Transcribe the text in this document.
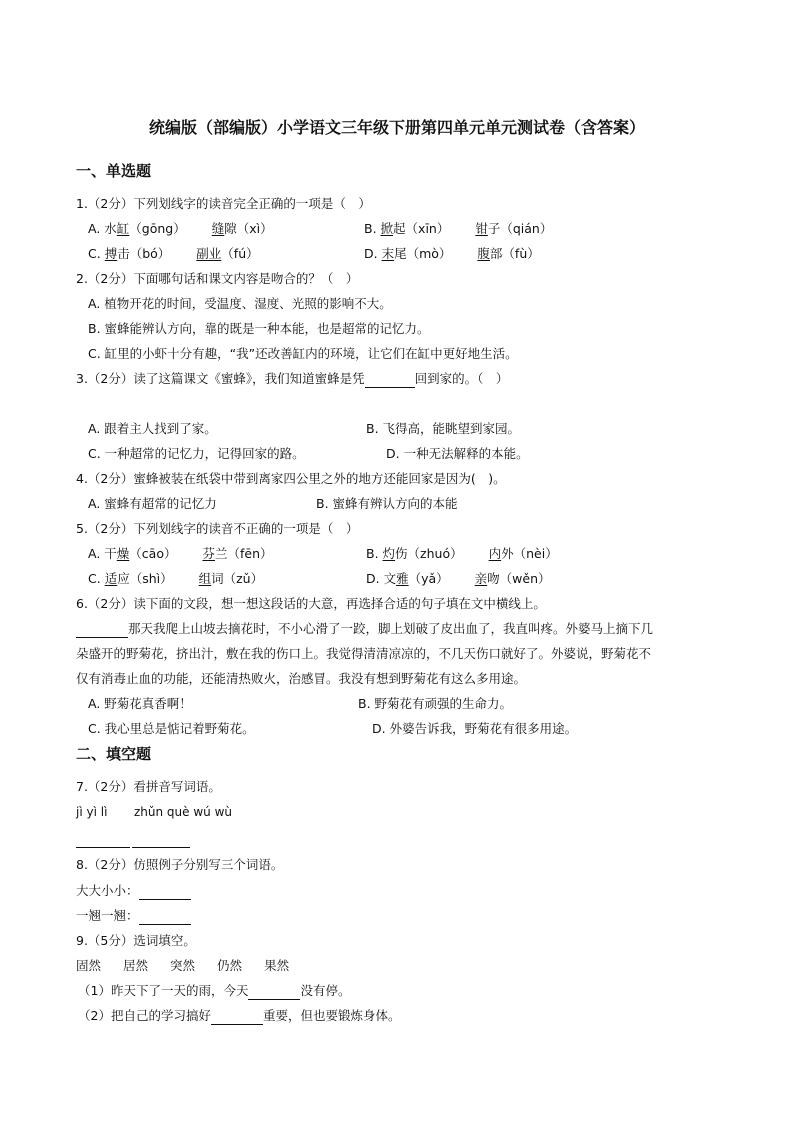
统编版（部编版）小学语文三年级下册第四单元单元测试卷（含答案）
一、单选题
1.（2分）下列划线字的读音完全正确的一项是（　）
A. 水缸（gōng） 缝隙（xì）	B. 掀起（xīn） 钳子（qián）
C. 搏击（bó） 副业（fú）	D. 末尾（mò） 腹部（fù）
2.（2分）下面哪句话和课文内容是吻合的？（　）
A. 植物开花的时间，受温度、湿度、光照的影响不大。
B. 蜜蜂能辨认方向，靠的既是一种本能，也是超常的记忆力。
C. 缸里的小虾十分有趣，“我”还改善缸内的环境，让它们在缸中更好地生活。
3.（2分）读了这篇课文《蜜蜂》，我们知道蜜蜂是凭	回到家的。（　）
A. 跟着主人找到了家。	B. 飞得高，能眺望到家园。
C. 一种超常的记忆力，记得回家的路。	D. 一种无法解释的本能。
4.（2分）蜜蜂被装在纸袋中带到离家四公里之外的地方还能回家是因为(　)。
A. 蜜蜂有超常的记忆力	B. 蜜蜂有辨认方向的本能
5.（2分）下列划线字的读音不正确的一项是（　）
A. 干燥（cāo） 芬兰（fēn）	B. 灼伤（zhuó） 内外（nèi）
C. 适应（shì） 组词（zǔ）	D. 文雅（yǎ） 亲吻（wěn）
6.（2分）读下面的文段，想一想这段话的大意，再选择合适的句子填在文中横线上。
那天我爬上山坡去摘花时，不小心滑了一跤，脚上划破了皮出血了，我直叫疼。外婆马上摘下几
朵盛开的野菊花，挤出汁，敷在我的伤口上。我觉得清清凉凉的，不几天伤口就好了。外婆说，野菊花不
仅有消毒止血的功能，还能清热败火，治感冒。我没有想到野菊花有这么多用途。
A. 野菊花真香啊！	B. 野菊花有顽强的生命力。
C. 我心里总是惦记着野菊花。	D. 外婆告诉我，野菊花有很多用途。
二、填空题
7.（2分）看拼音写词语。
jì yì lì zhǔn què wú wù
8.（2分）仿照例子分别写三个词语。
大大小小：
一翘一翘：
9.（5分）选词填空。
固然 居然 突然 仍然 果然
（1）昨天下了一天的雨，今天	没有停。
（2）把自己的学习搞好	重要，但也要锻炼身体。
